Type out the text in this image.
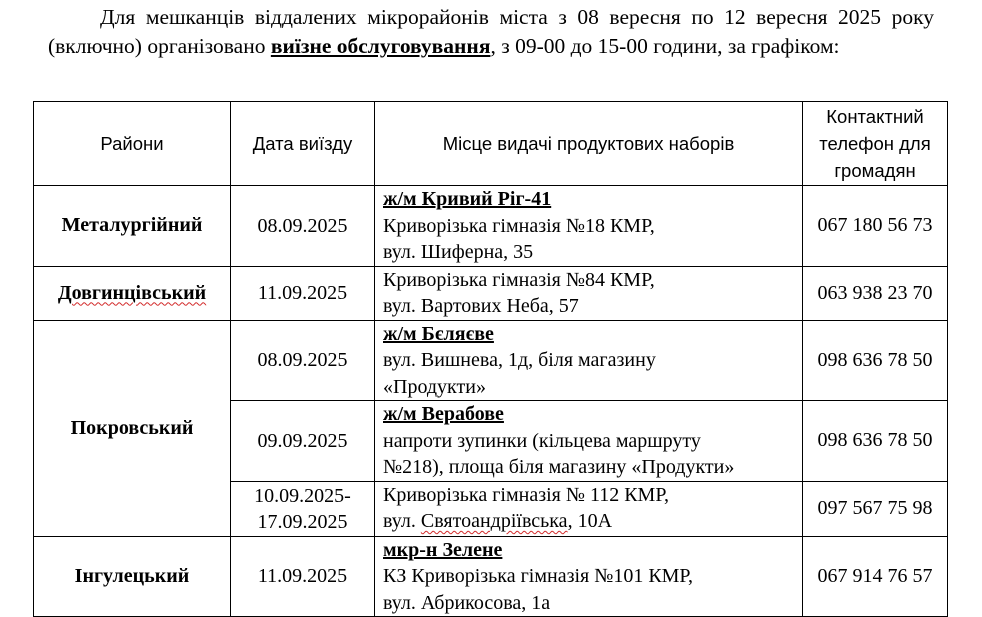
Для мешканців віддалених мікрорайонів міста з 08 вересня по 12 вересня 2025 року (включно) організовано виїзне обслуговування, з 09-00 до 15-00 години, за графіком:
Райони	Дата виїзду	Місце видачі продуктових наборів	Контактний
телефон для
громадян

Металургійний	08.09.2025	ж/м Кривий Ріг-41
Криворізька гімназія №18 КМР,
вул. Шиферна, 35	067 180 56 73
Довгинцівський	11.09.2025	Криворізька гімназія №84 КМР,
вул. Вартових Неба, 57	063 938 23 70
Покровський	08.09.2025	ж/м Бєляєве
вул. Вишнева, 1д, біля магазину
«Продукти»	098 636 78 50
	09.09.2025	ж/м Верабове
напроти зупинки (кільцева маршруту
№218), площа біля магазину «Продукти»	098 636 78 50

	10.09.2025-
17.09.2025	Криворізька гімназія № 112 КМР,
вул. Святоандріївська, 10А	097 567 75 98
Інгулецький	11.09.2025	мкр-н Зелене
КЗ Криворізька гімназія №101 КМР,
вул. Абрикосова, 1а	067 914 76 57
